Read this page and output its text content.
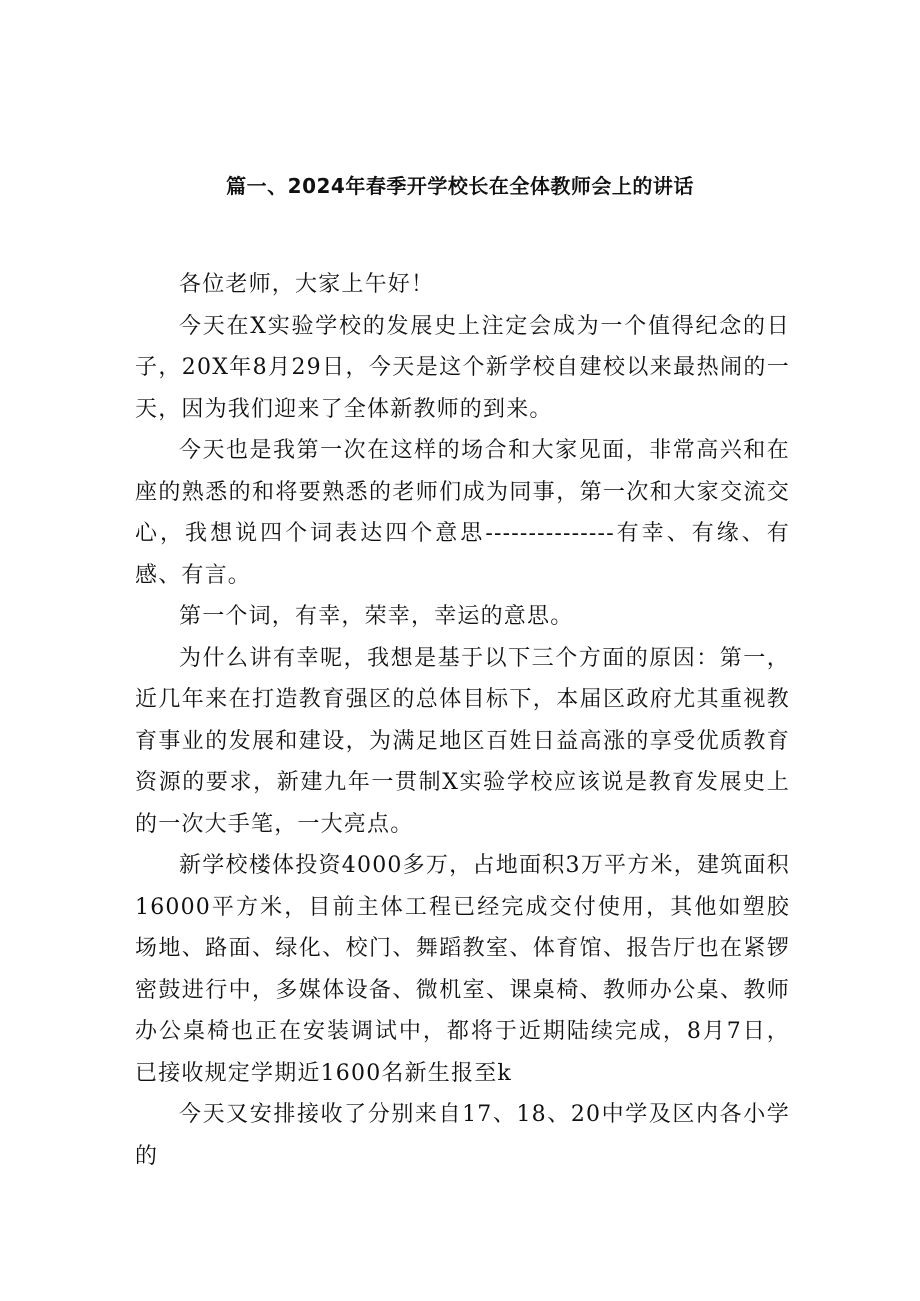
篇一、2024年春季开学校长在全体教师会上的讲话

各位老师，大家上午好！

今天在X实验学校的发展史上注定会成为一个值得纪念的日子，20X年8月29日，今天是这个新学校自建校以来最热闹的一天，因为我们迎来了全体新教师的到来。

今天也是我第一次在这样的场合和大家见面，非常高兴和在座的熟悉的和将要熟悉的老师们成为同事，第一次和大家交流交心，我想说四个词表达四个意思---------------有幸、有缘、有感、有言。

第一个词，有幸，荣幸，幸运的意思。

为什么讲有幸呢，我想是基于以下三个方面的原因：第一，近几年来在打造教育强区的总体目标下，本届区政府尤其重视教育事业的发展和建设，为满足地区百姓日益高涨的享受优质教育资源的要求，新建九年一贯制X实验学校应该说是教育发展史上的一次大手笔，一大亮点。

新学校楼体投资4000多万，占地面积3万平方米，建筑面积16000平方米，目前主体工程已经完成交付使用，其他如塑胶场地、路面、绿化、校门、舞蹈教室、体育馆、报告厅也在紧锣密鼓进行中，多媒体设备、微机室、课桌椅、教师办公桌、教师办公桌椅也正在安装调试中，都将于近期陆续完成，8月7日，已接收规定学期近1600名新生报至k

今天又安排接收了分别来自17、18、20中学及区内各小学的
